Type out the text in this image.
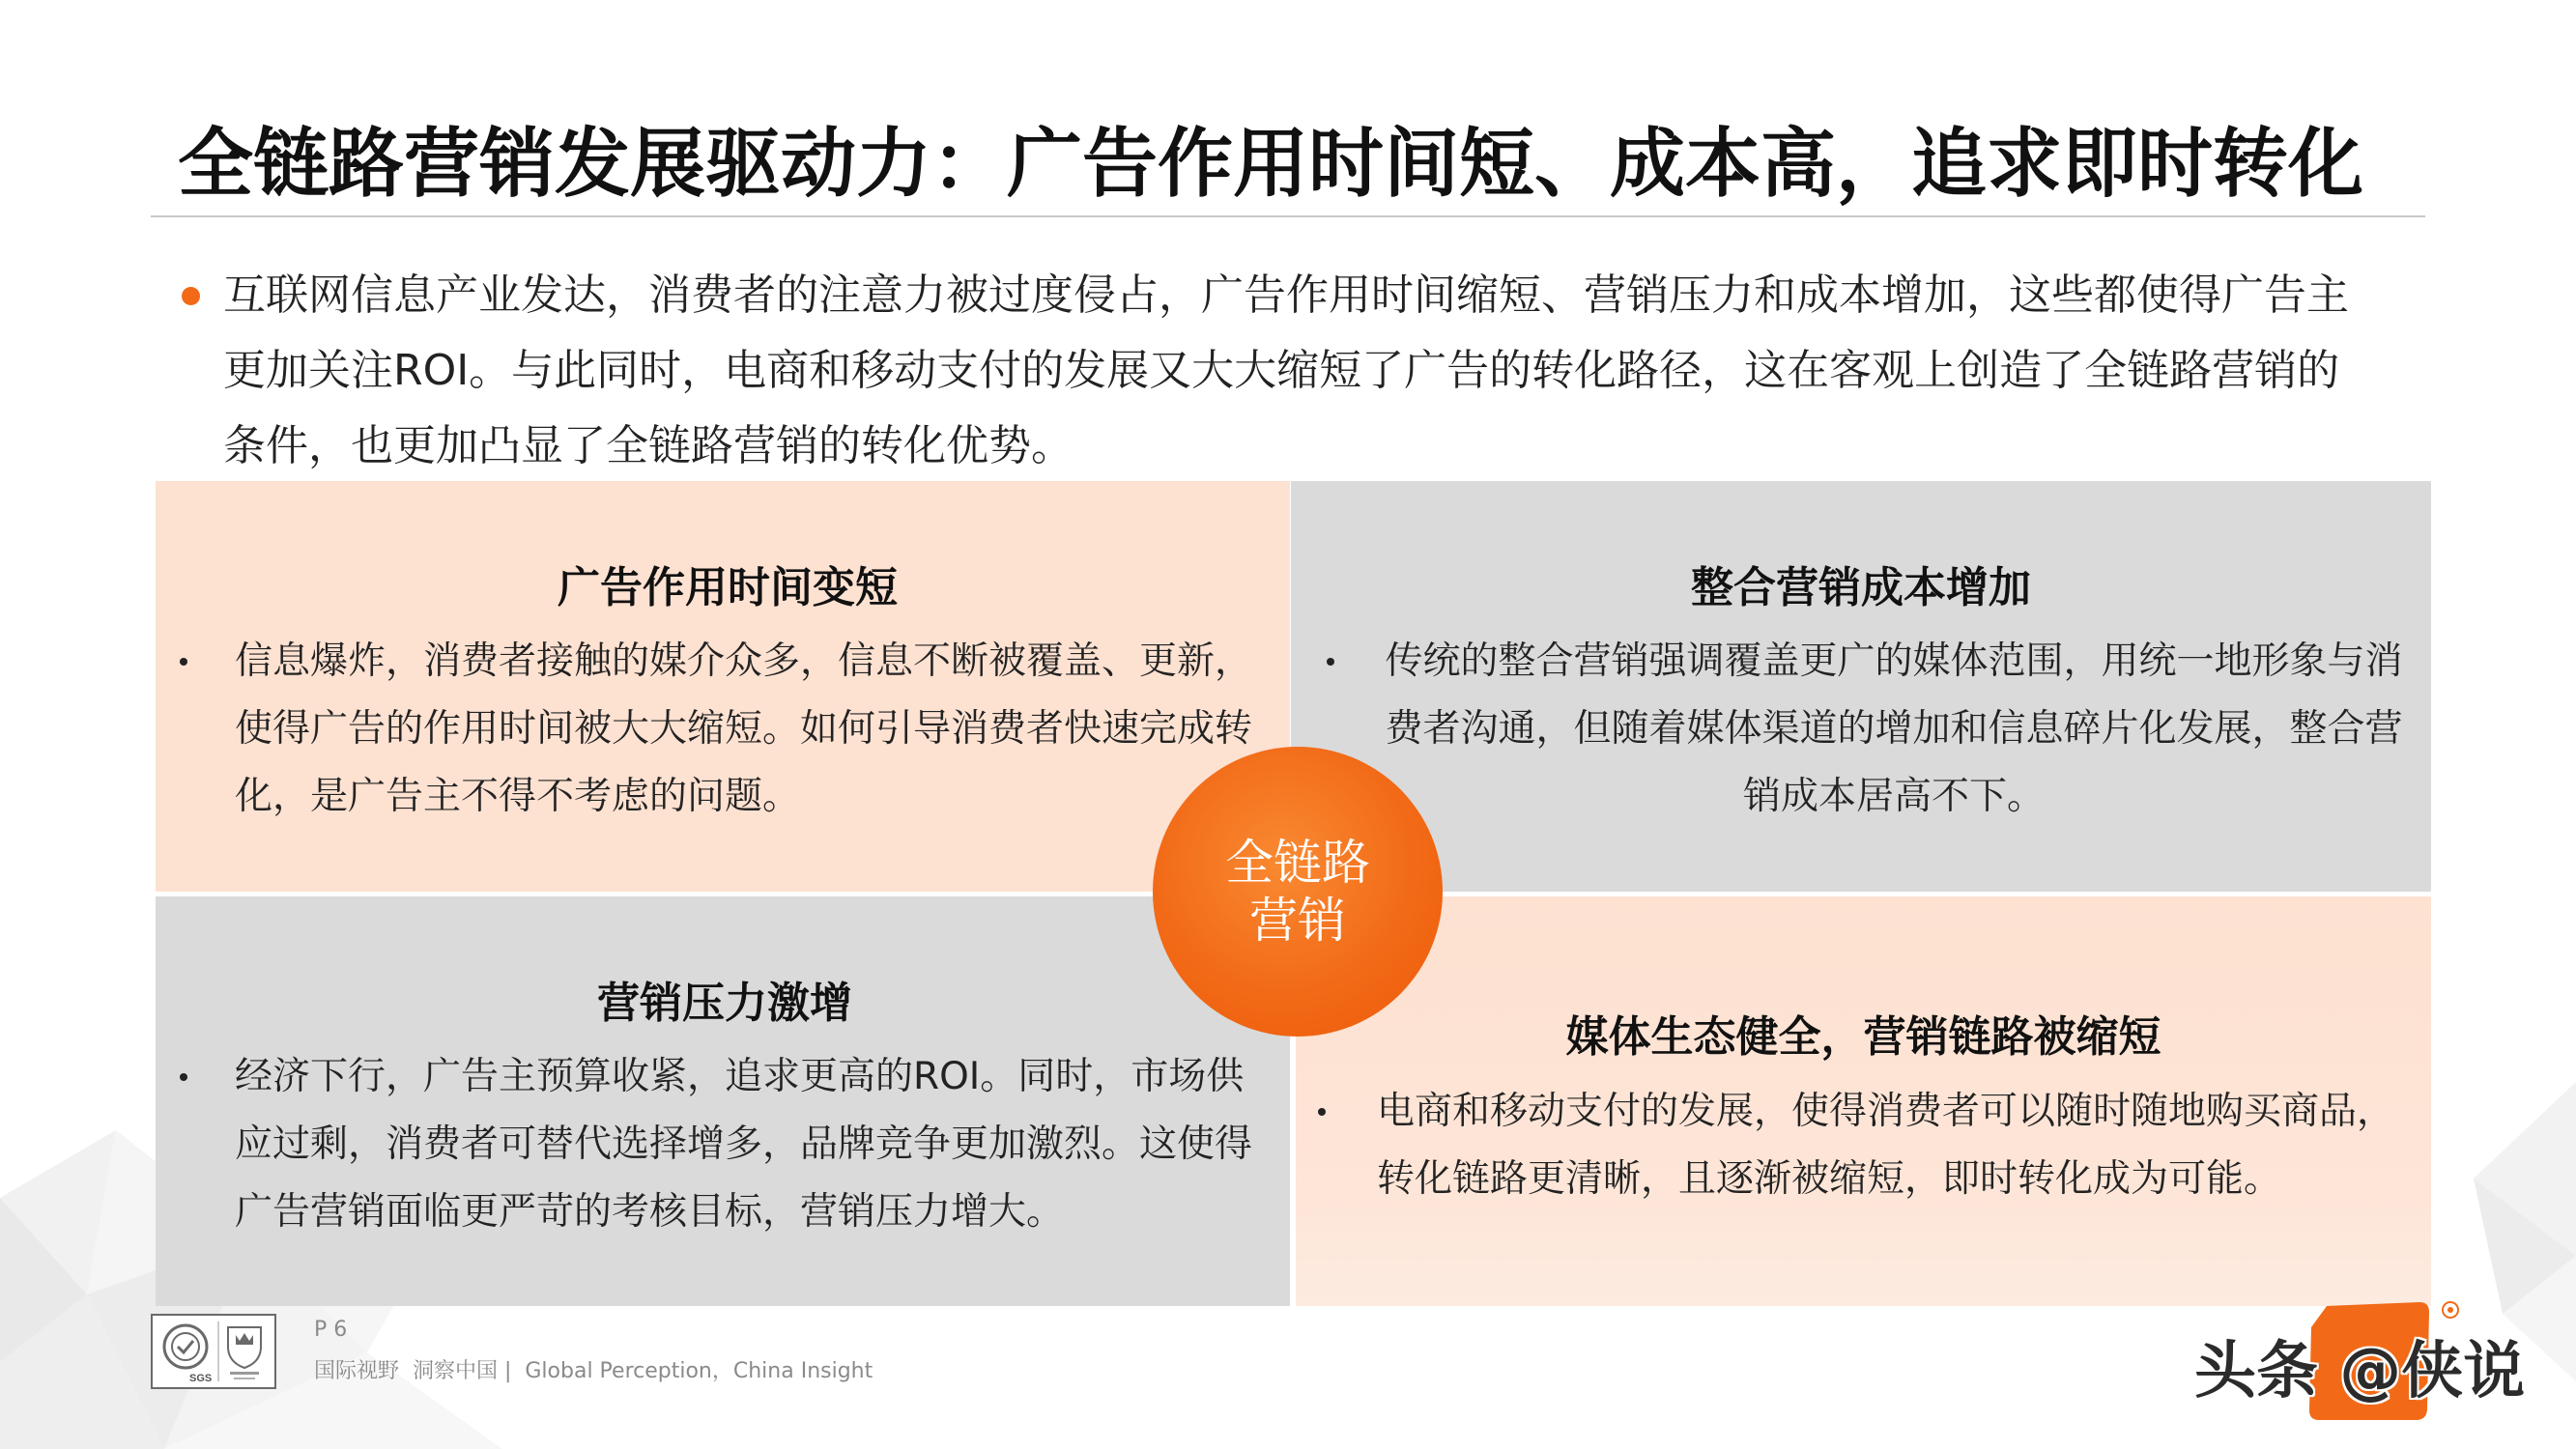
全链路营销发展驱动力：广告作用时间短、成本高，追求即时转化
互联网信息产业发达，消费者的注意力被过度侵占，广告作用时间缩短、营销压力和成本增加，这些都使得广告主
更加关注ROI。与此同时，电商和移动支付的发展又大大缩短了广告的转化路径，这在客观上创造了全链路营销的
条件，也更加凸显了全链路营销的转化优势。
广告作用时间变短
信息爆炸，消费者接触的媒介众多，信息不断被覆盖、更新，
使得广告的作用时间被大大缩短。如何引导消费者快速完成转
化，是广告主不得不考虑的问题。
整合营销成本增加
传统的整合营销强调覆盖更广的媒体范围，用统一地形象与消
费者沟通，但随着媒体渠道的增加和信息碎片化发展，整合营
销成本居高不下。
营销压力激增
经济下行，广告主预算收紧，追求更高的ROI。同时，市场供
应过剩，消费者可替代选择增多，品牌竞争更加激烈。这使得
广告营销面临更严苛的考核目标，营销压力增大。
媒体生态健全，营销链路被缩短
电商和移动支付的发展，使得消费者可以随时随地购买商品，
转化链路更清晰，且逐渐被缩短，即时转化成为可能。
全链路
营销
SGS
P 6
国际视野  洞察中国 |  Global Perception，China Insight	头条 @侠说
